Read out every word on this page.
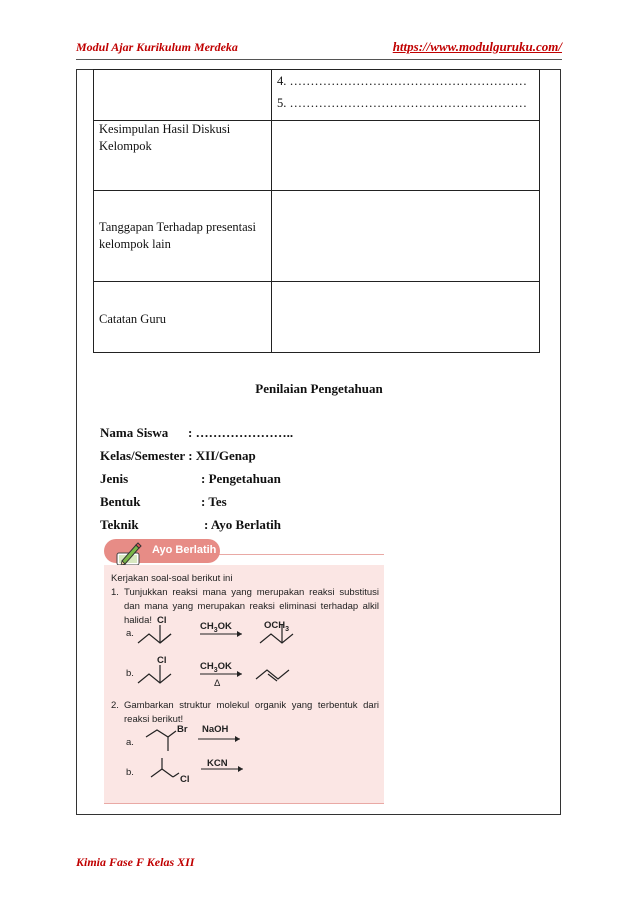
Modul Ajar Kurikulum Merdeka	https://www.modulguruku.com/

	4. …………………………………………………
5. …………………………………………………

Kesimpulan Hasil Diskusi Kelompok	
Tanggapan Terhadap presentasi kelompok lain	
Catatan Guru	
Penilaian Pengetahuan
Nama Siswa : …………………..
Kelas/Semester : XII/Genap
Jenis	: Pengetahuan
Bentuk	: Tes
Teknik	: Ayo Berlatih
Ayo Berlatih
Kerjakan soal-soal berikut ini
1. Tunjukkan reaksi mana yang merupakan reaksi substitusi dan mana yang merupakan reaksi eliminasi terhadap alkil halida!
a.
Cl
$CH_3OK$	$OCH_3$
b.
Cl
$CH_3OK$
Δ
2. Gambarkan struktur molekul organik yang terbentuk dari reaksi berikut!
a.
Br NaOH
b.
Cl
KCN
Kimia Fase F Kelas XII
